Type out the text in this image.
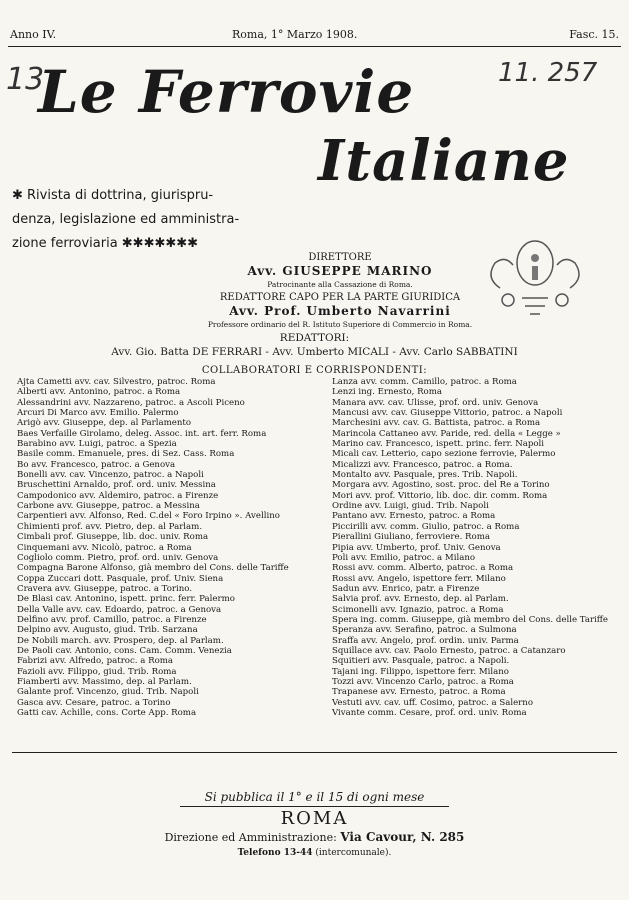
Anno IV.	Roma, 1° Marzo 1908.	Fasc. 15.
13	11. 257
Le Ferrovie
Italiane
✱ Rivista di dottrina, giurispru-
denza, legislazione ed amministra-
zione ferroviaria ✱✱✱✱✱✱✱
DIRETTORE
Avv. GIUSEPPE MARINO
Patrocinante alla Cassazione di Roma.
REDATTORE CAPO PER LA PARTE GIURIDICA
Avv. Prof. Umberto Navarrini
Professore ordinario del R. Istituto Superiore di Commercio in Roma.
REDATTORI:
Avv. Gio. Batta DE FERRARI - Avv. Umberto MICALI - Avv. Carlo SABBATINI
COLLABORATORI E CORRISPONDENTI:
Ajta Cametti avv. cav. Silvestro, patroc. Roma
Alberti avv. Antonino, patroc. a Roma
Alessandrini avv. Nazzareno, patroc. a Ascoli Piceno
Arcuri Di Marco avv. Emilio. Palermo
Arigò avv. Giuseppe, dep. al Parlamento
Baes Verfaille Girolamo, deleg. Assoc. int. art. ferr. Roma
Barabino avv. Luigi, patroc. a Spezia
Basile comm. Emanuele, pres. di Sez. Cass. Roma
Bo avv. Francesco, patroc. a Genova
Bonelli avv. cav. Vincenzo, patroc. a Napoli
Bruschettini Arnaldo, prof. ord. univ. Messina
Campodonico avv. Aldemiro, patroc. a Firenze
Carbone avv. Giuseppe, patroc. a Messina
Carpentieri avv. Alfonso, Red. C.del « Foro Irpino ». Avellino
Chimienti prof. avv. Pietro, dep. al Parlam.
Cimbali prof. Giuseppe, lib. doc. univ. Roma
Cinquemani avv. Nicolò, patroc. a Roma
Cogliolo comm. Pietro, prof. ord. univ. Genova
Compagna Barone Alfonso, già membro del Cons. delle Tariffe
Coppa Zuccari dott. Pasquale, prof. Univ. Siena
Cravera avv. Giuseppe, patroc. a Torino.
De Blasi cav. Antonino, ispett. princ. ferr. Palermo
Della Valle avv. cav. Edoardo, patroc. a Genova
Delfino avv. prof. Camillo, patroc. a Firenze
Delpino avv. Augusto, giud. Trib. Sarzana
De Nobili march. avv. Prospero, dep. al Parlam.
De Paoli cav. Antonio, cons. Cam. Comm. Venezia
Fabrizi avv. Alfredo, patroc. a Roma
Fazioli avv. Filippo, giud. Trib. Roma
Fiamberti avv. Massimo, dep. al Parlam.
Galante prof. Vincenzo, giud. Trib. Napoli
Gasca avv. Cesare, patroc. a Torino
Gatti cav. Achille, cons. Corte App. Roma
Lanza avv. comm. Camillo, patroc. a Roma
Lenzi ing. Ernesto, Roma
Manara avv. cav. Ulisse, prof. ord. univ. Genova
Mancusi avv. cav. Giuseppe Vittorio, patroc. a Napoli
Marchesini avv. cav. G. Battista, patroc. a Roma
Marincola Cattaneo avv. Paride, red. della « Legge »
Marino cav. Francesco, ispett. princ. ferr. Napoli
Micali cav. Letterio, capo sezione ferrovie, Palermo
Micalizzi avv. Francesco, patroc. a Roma.
Montalto avv. Pasquale, pres. Trib. Napoli.
Morgara avv. Agostino, sost. proc. del Re a Torino
Mori avv. prof. Vittorio, lib. doc. dir. comm. Roma
Ordine avv. Luigi, giud. Trib. Napoli
Pantano avv. Ernesto, patroc. a Roma
Piccirilli avv. comm. Giulio, patroc. a Roma
Pierallini Giuliano, ferroviere. Roma
Pipia avv. Umberto, prof. Univ. Genova
Poli avv. Emilio, patroc. a Milano
Rossi avv. comm. Alberto, patroc. a Roma
Rossi avv. Angelo, ispettore ferr. Milano
Sadun avv. Enrico, patr. a Firenze
Salvia prof. avv. Ernesto, dep. al Parlam.
Scimonelli avv. Ignazio, patroc. a Roma
Spera ing. comm. Giuseppe, già membro del Cons. delle Tariffe
Speranza avv. Serafino, patroc. a Sulmona
Sraffa avv. Angelo, prof. ordin. univ. Parma
Squillace avv. cav. Paolo Ernesto, patroc. a Catanzaro
Squitieri avv. Pasquale, patroc. a Napoli.
Tajani ing. Filippo, ispettore ferr. Milano
Tozzi avv. Vincenzo Carlo, patroc. a Roma
Trapanese avv. Ernesto, patroc. a Roma
Vestuti avv. cav. uff. Cosimo, patroc. a Salerno
Vivante comm. Cesare, prof. ord. univ. Roma
Si pubblica il 1° e il 15 di ogni mese
ROMA
Direzione ed Amministrazione: Via Cavour, N. 285
Telefono 13-44 (intercomunale).
